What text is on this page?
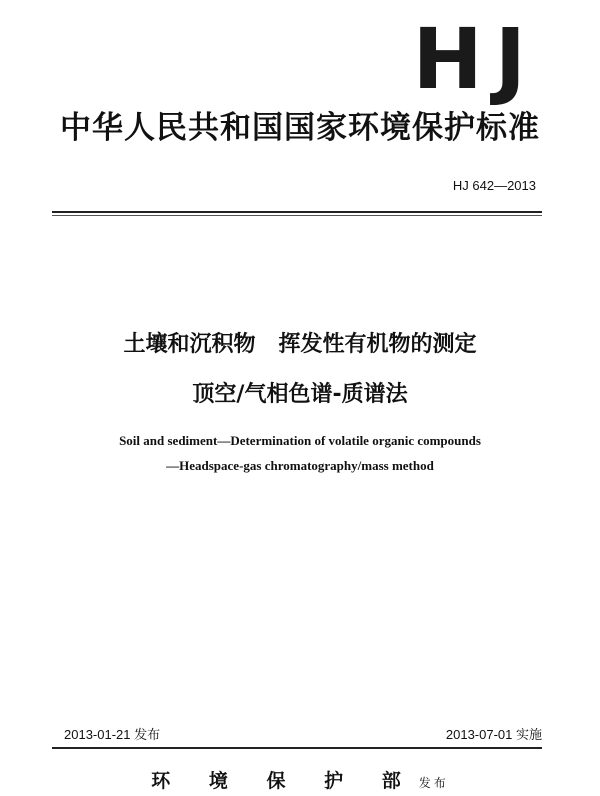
HJ
中华人民共和国国家环境保护标准
HJ 642—2013
土壤和沉积物   挥发性有机物的测定
顶空/气相色谱-质谱法
Soil and sediment—Determination of volatile organic compounds
—Headspace-gas chromatography/mass method
2013-01-21 发布	2013-07-01 实施
环 境 保 护 部 发布
